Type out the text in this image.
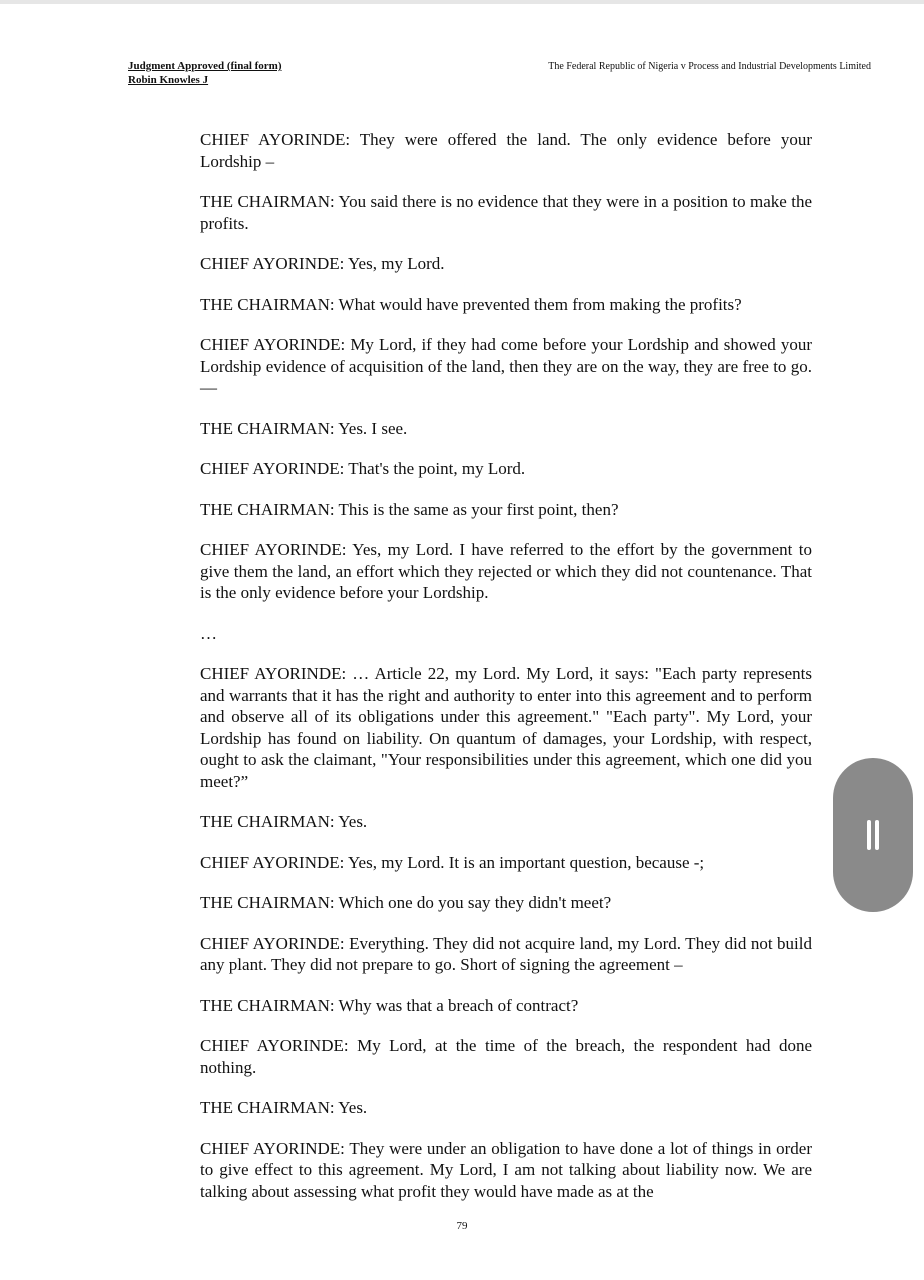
Judgment Approved (final form)
Robin Knowles J
The Federal Republic of Nigeria v Process and Industrial Developments Limited

CHIEF AYORINDE: They were offered the land. The only evidence before your Lordship –

THE CHAIRMAN: You said there is no evidence that they were in a position to make the profits.

CHIEF AYORINDE: Yes, my Lord.

THE CHAIRMAN: What would have prevented them from making the profits?

CHIEF AYORINDE: My Lord, if they had come before your Lordship and showed your Lordship evidence of acquisition of the land, then they are on the way, they are free to go.—

THE CHAIRMAN: Yes. I see.

CHIEF AYORINDE: That's the point, my Lord.

THE CHAIRMAN: This is the same as your first point, then?

CHIEF AYORINDE: Yes, my Lord. I have referred to the effort by the government to give them the land, an effort which they rejected or which they did not countenance. That is the only evidence before your Lordship.

…

CHIEF AYORINDE: … Article 22, my Lord. My Lord, it says: "Each party represents and warrants that it has the right and authority to enter into this agreement and to perform and observe all of its obligations under this agreement." "Each party". My Lord, your Lordship has found on liability. On quantum of damages, your Lordship, with respect, ought to ask the claimant, "Your responsibilities under this agreement, which one did you meet?”

THE CHAIRMAN: Yes.

CHIEF AYORINDE: Yes, my Lord. It is an important question, because -;

THE CHAIRMAN: Which one do you say they didn't meet?

CHIEF AYORINDE: Everything. They did not acquire land, my Lord. They did not build any plant. They did not prepare to go. Short of signing the agreement –

THE CHAIRMAN: Why was that a breach of contract?

CHIEF AYORINDE: My Lord, at the time of the breach, the respondent had done nothing.

THE CHAIRMAN: Yes.

CHIEF AYORINDE: They were under an obligation to have done a lot of things in order to give effect to this agreement. My Lord, I am not talking about liability now. We are talking about assessing what profit they would have made as at the

79
